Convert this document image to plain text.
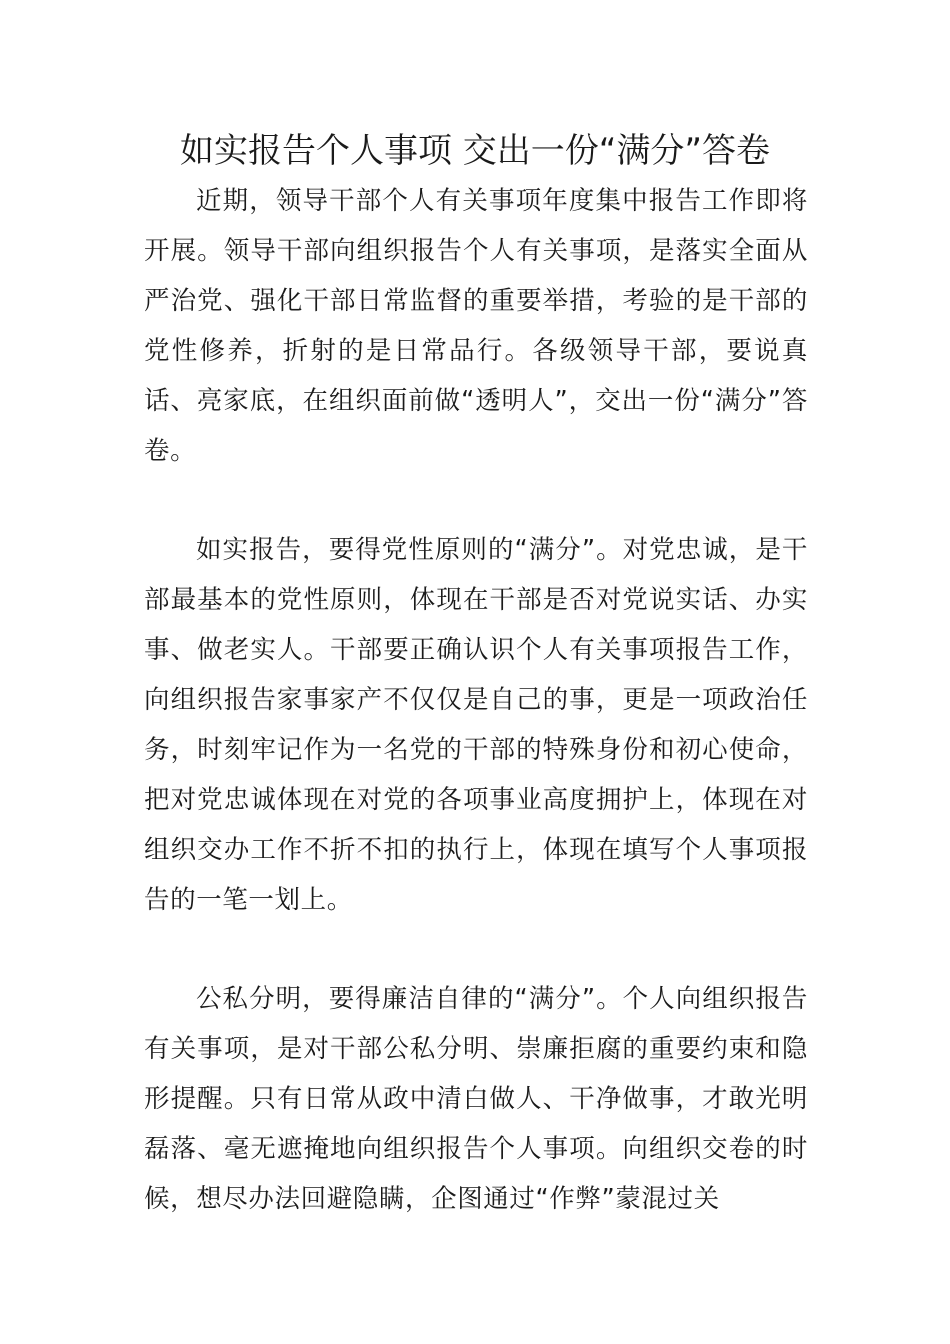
如实报告个人事项 交出一份“满分”答卷

近期，领导干部个人有关事项年度集中报告工作即将开展。领导干部向组织报告个人有关事项，是落实全面从严治党、强化干部日常监督的重要举措，考验的是干部的党性修养，折射的是日常品行。各级领导干部，要说真话、亮家底，在组织面前做“透明人”，交出一份“满分”答卷。

如实报告，要得党性原则的“满分”。对党忠诚，是干部最基本的党性原则，体现在干部是否对党说实话、办实事、做老实人。干部要正确认识个人有关事项报告工作，向组织报告家事家产不仅仅是自己的事，更是一项政治任务，时刻牢记作为一名党的干部的特殊身份和初心使命，把对党忠诚体现在对党的各项事业高度拥护上，体现在对组织交办工作不折不扣的执行上，体现在填写个人事项报告的一笔一划上。

公私分明，要得廉洁自律的“满分”。个人向组织报告有关事项，是对干部公私分明、崇廉拒腐的重要约束和隐形提醒。只有日常从政中清白做人、干净做事，才敢光明磊落、毫无遮掩地向组织报告个人事项。向组织交卷的时候，想尽办法回避隐瞒，企图通过“作弊”蒙混过关
